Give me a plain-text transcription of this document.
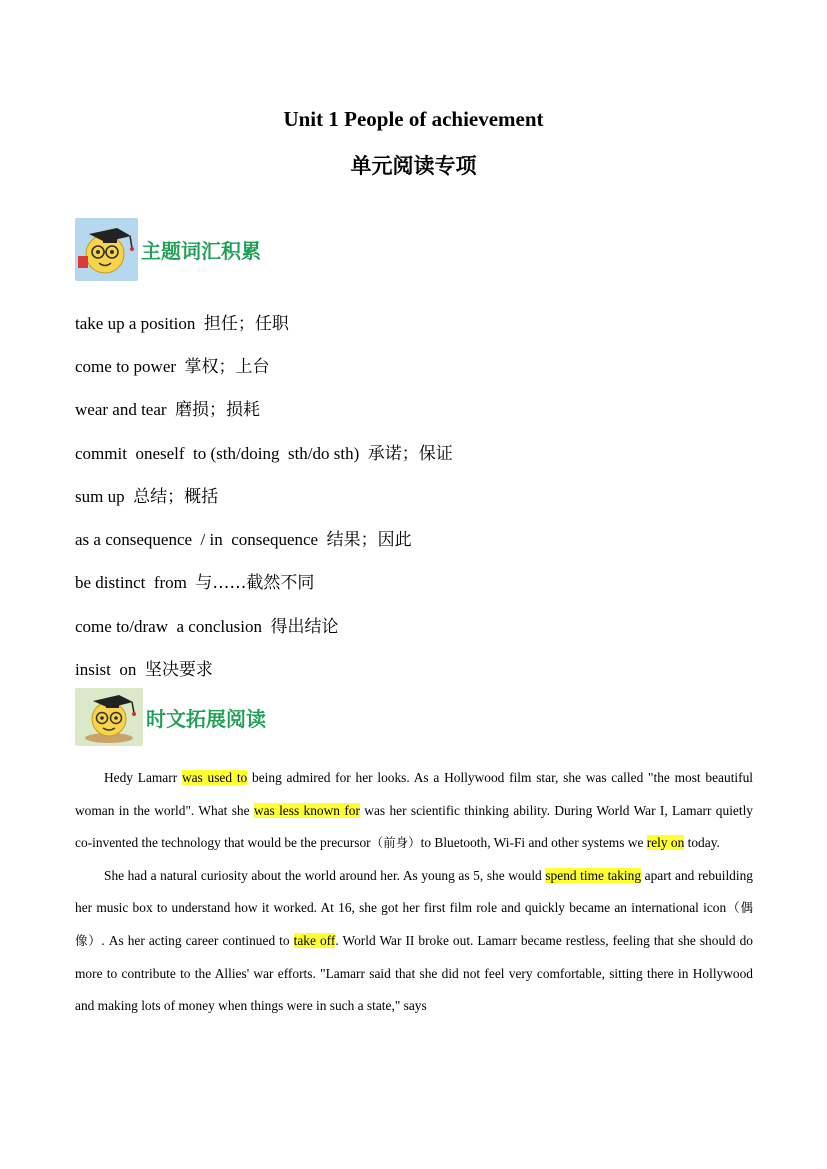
Unit 1 People of achievement
单元阅读专项
主题词汇积累
take up a position 担任；任职
come to power 掌权；上台
wear and tear 磨损；损耗
commit  oneself  to (sth/doing  sth/do sth) 承诺；保证
sum up 总结；概括
as a consequence  / in  consequence 结果；因此
be distinct  from 与……截然不同
come to/draw  a conclusion 得出结论
insist  on 坚决要求
时文拓展阅读

Hedy Lamarr was used to being admired for her looks. As a Hollywood film star, she was called "the most beautiful woman in the world". What she was less known for was her scientific thinking ability. During World War I, Lamarr quietly co-invented the technology that would be the precursor（前身）to Bluetooth, Wi-Fi and other systems we rely on today.

She had a natural curiosity about the world around her. As young as 5, she would spend time taking apart and rebuilding her music box to understand how it worked. At 16, she got her first film role and quickly became an international icon（偶像）. As her acting career continued to take off. World War II broke out. Lamarr became restless, feeling that she should do more to contribute to the Allies' war efforts. "Lamarr said that she did not feel very comfortable, sitting there in Hollywood and making lots of money when things were in such a state," says
